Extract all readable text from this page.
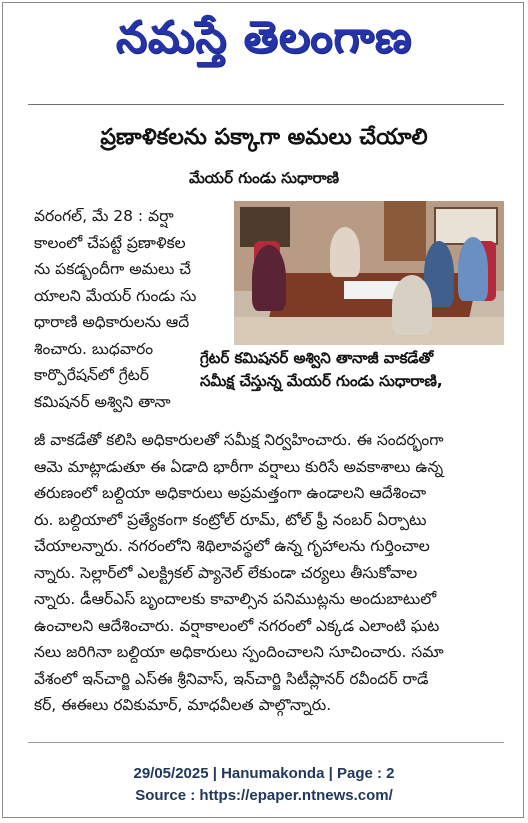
నమస్తే తెలంగాణ
ప్రణాళికలను పక్కాగా అమలు చేయాలి
మేయర్ గుండు సుధారాణి
వరంగల్, మే 28 : వర్షా
కాలంలో చేపట్టే ప్రణాళికల
ను పకడ్బందీగా అమలు చే
యాలని మేయర్ గుండు సు
ధారాణి అధికారులను ఆదే
శించారు. బుధవారం
కార్పొరేషన్‌లో గ్రేటర్
కమిషనర్ అశ్విని తానా
గ్రేటర్ కమిషనర్ అశ్విని తానాజీ వాకడేతో
సమీక్ష చేస్తున్న మేయర్ గుండు సుధారాణి,
జీ వాకడేతో కలిసి అధికారులతో సమీక్ష నిర్వహించారు. ఈ సందర్భంగా
ఆమె మాట్లాడుతూ ఈ ఏడాది భారీగా వర్షాలు కురిసే అవకాశాలు ఉన్న
తరుణంలో బల్దియా అధికారులు అప్రమత్తంగా ఉండాలని ఆదేశించా
రు. బల్దియాలో ప్రత్యేకంగా కంట్రోల్ రూమ్, టోల్ ఫ్రీ నంబర్ ఏర్పాటు
చేయాలన్నారు. నగరంలోని శిథిలావస్థలో ఉన్న గృహాలను గుర్తించాల
న్నారు. సెల్లార్‌లో ఎలక్ట్రికల్ ప్యానెల్ లేకుండా చర్యలు తీసుకోవాల
న్నారు. డీఆర్ఎస్ బృందాలకు కావాల్సిన పనిముట్లను అందుబాటులో
ఉంచాలని ఆదేశించారు. వర్షాకాలంలో నగరంలో ఎక్కడ ఎలాంటి ఘట
నలు జరిగినా బల్దియా అధికారులు స్పందించాలని సూచించారు. సమా
వేశంలో ఇన్‌చార్జి ఎస్ఈ శ్రీనివాస్, ఇన్‌చార్జి సిటీప్లానర్ రవీందర్ రాడే
కర్, ఈఈలు రవికుమార్, మాధవీలత పాల్గొన్నారు.
29/05/2025 | Hanumakonda | Page : 2
Source : https://epaper.ntnews.com/
